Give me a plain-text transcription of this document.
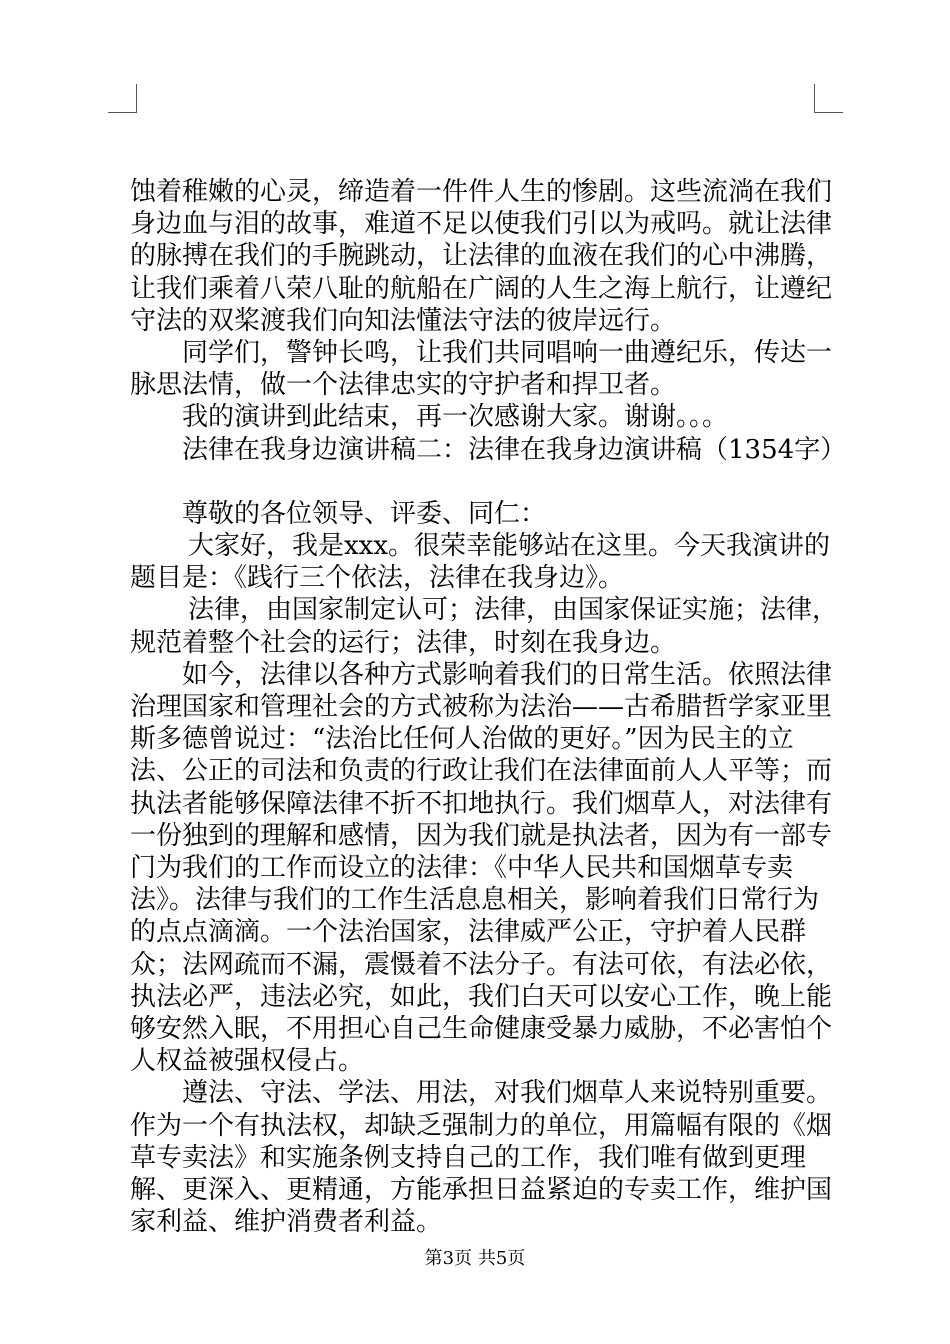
蚀着稚嫩的心灵，缔造着一件件人生的惨剧。这些流淌在我们身边血与泪的故事，难道不足以使我们引以为戒吗。就让法律的脉搏在我们的手腕跳动，让法律的血液在我们的心中沸腾，让我们乘着八荣八耻的航船在广阔的人生之海上航行，让遵纪守法的双桨渡我们向知法懂法守法的彼岸远行。

同学们，警钟长鸣，让我们共同唱响一曲遵纪乐，传达一脉思法情，做一个法律忠实的守护者和捍卫者。

我的演讲到此结束，再一次感谢大家。谢谢。。。

法律在我身边演讲稿二：法律在我身边演讲稿（1354字）

尊敬的各位领导、评委、同仁：

大家好，我是xxx。很荣幸能够站在这里。今天我演讲的题目是：《践行三个依法，法律在我身边》。

法律，由国家制定认可；法律，由国家保证实施；法律，规范着整个社会的运行；法律，时刻在我身边。

如今，法律以各种方式影响着我们的日常生活。依照法律治理国家和管理社会的方式被称为法治——古希腊哲学家亚里斯多德曾说过：“法治比任何人治做的更好。”因为民主的立法、公正的司法和负责的行政让我们在法律面前人人平等；而执法者能够保障法律不折不扣地执行。我们烟草人，对法律有一份独到的理解和感情，因为我们就是执法者，因为有一部专门为我们的工作而设立的法律：《中华人民共和国烟草专卖法》。法律与我们的工作生活息息相关，影响着我们日常行为的点点滴滴。一个法治国家，法律威严公正，守护着人民群众；法网疏而不漏，震慑着不法分子。有法可依，有法必依，执法必严，违法必究，如此，我们白天可以安心工作，晚上能够安然入眠，不用担心自己生命健康受暴力威胁，不必害怕个人权益被强权侵占。

遵法、守法、学法、用法，对我们烟草人来说特别重要。作为一个有执法权，却缺乏强制力的单位，用篇幅有限的《烟草专卖法》和实施条例支持自己的工作，我们唯有做到更理解、更深入、更精通，方能承担日益紧迫的专卖工作，维护国家利益、维护消费者利益。

第3页 共5页
